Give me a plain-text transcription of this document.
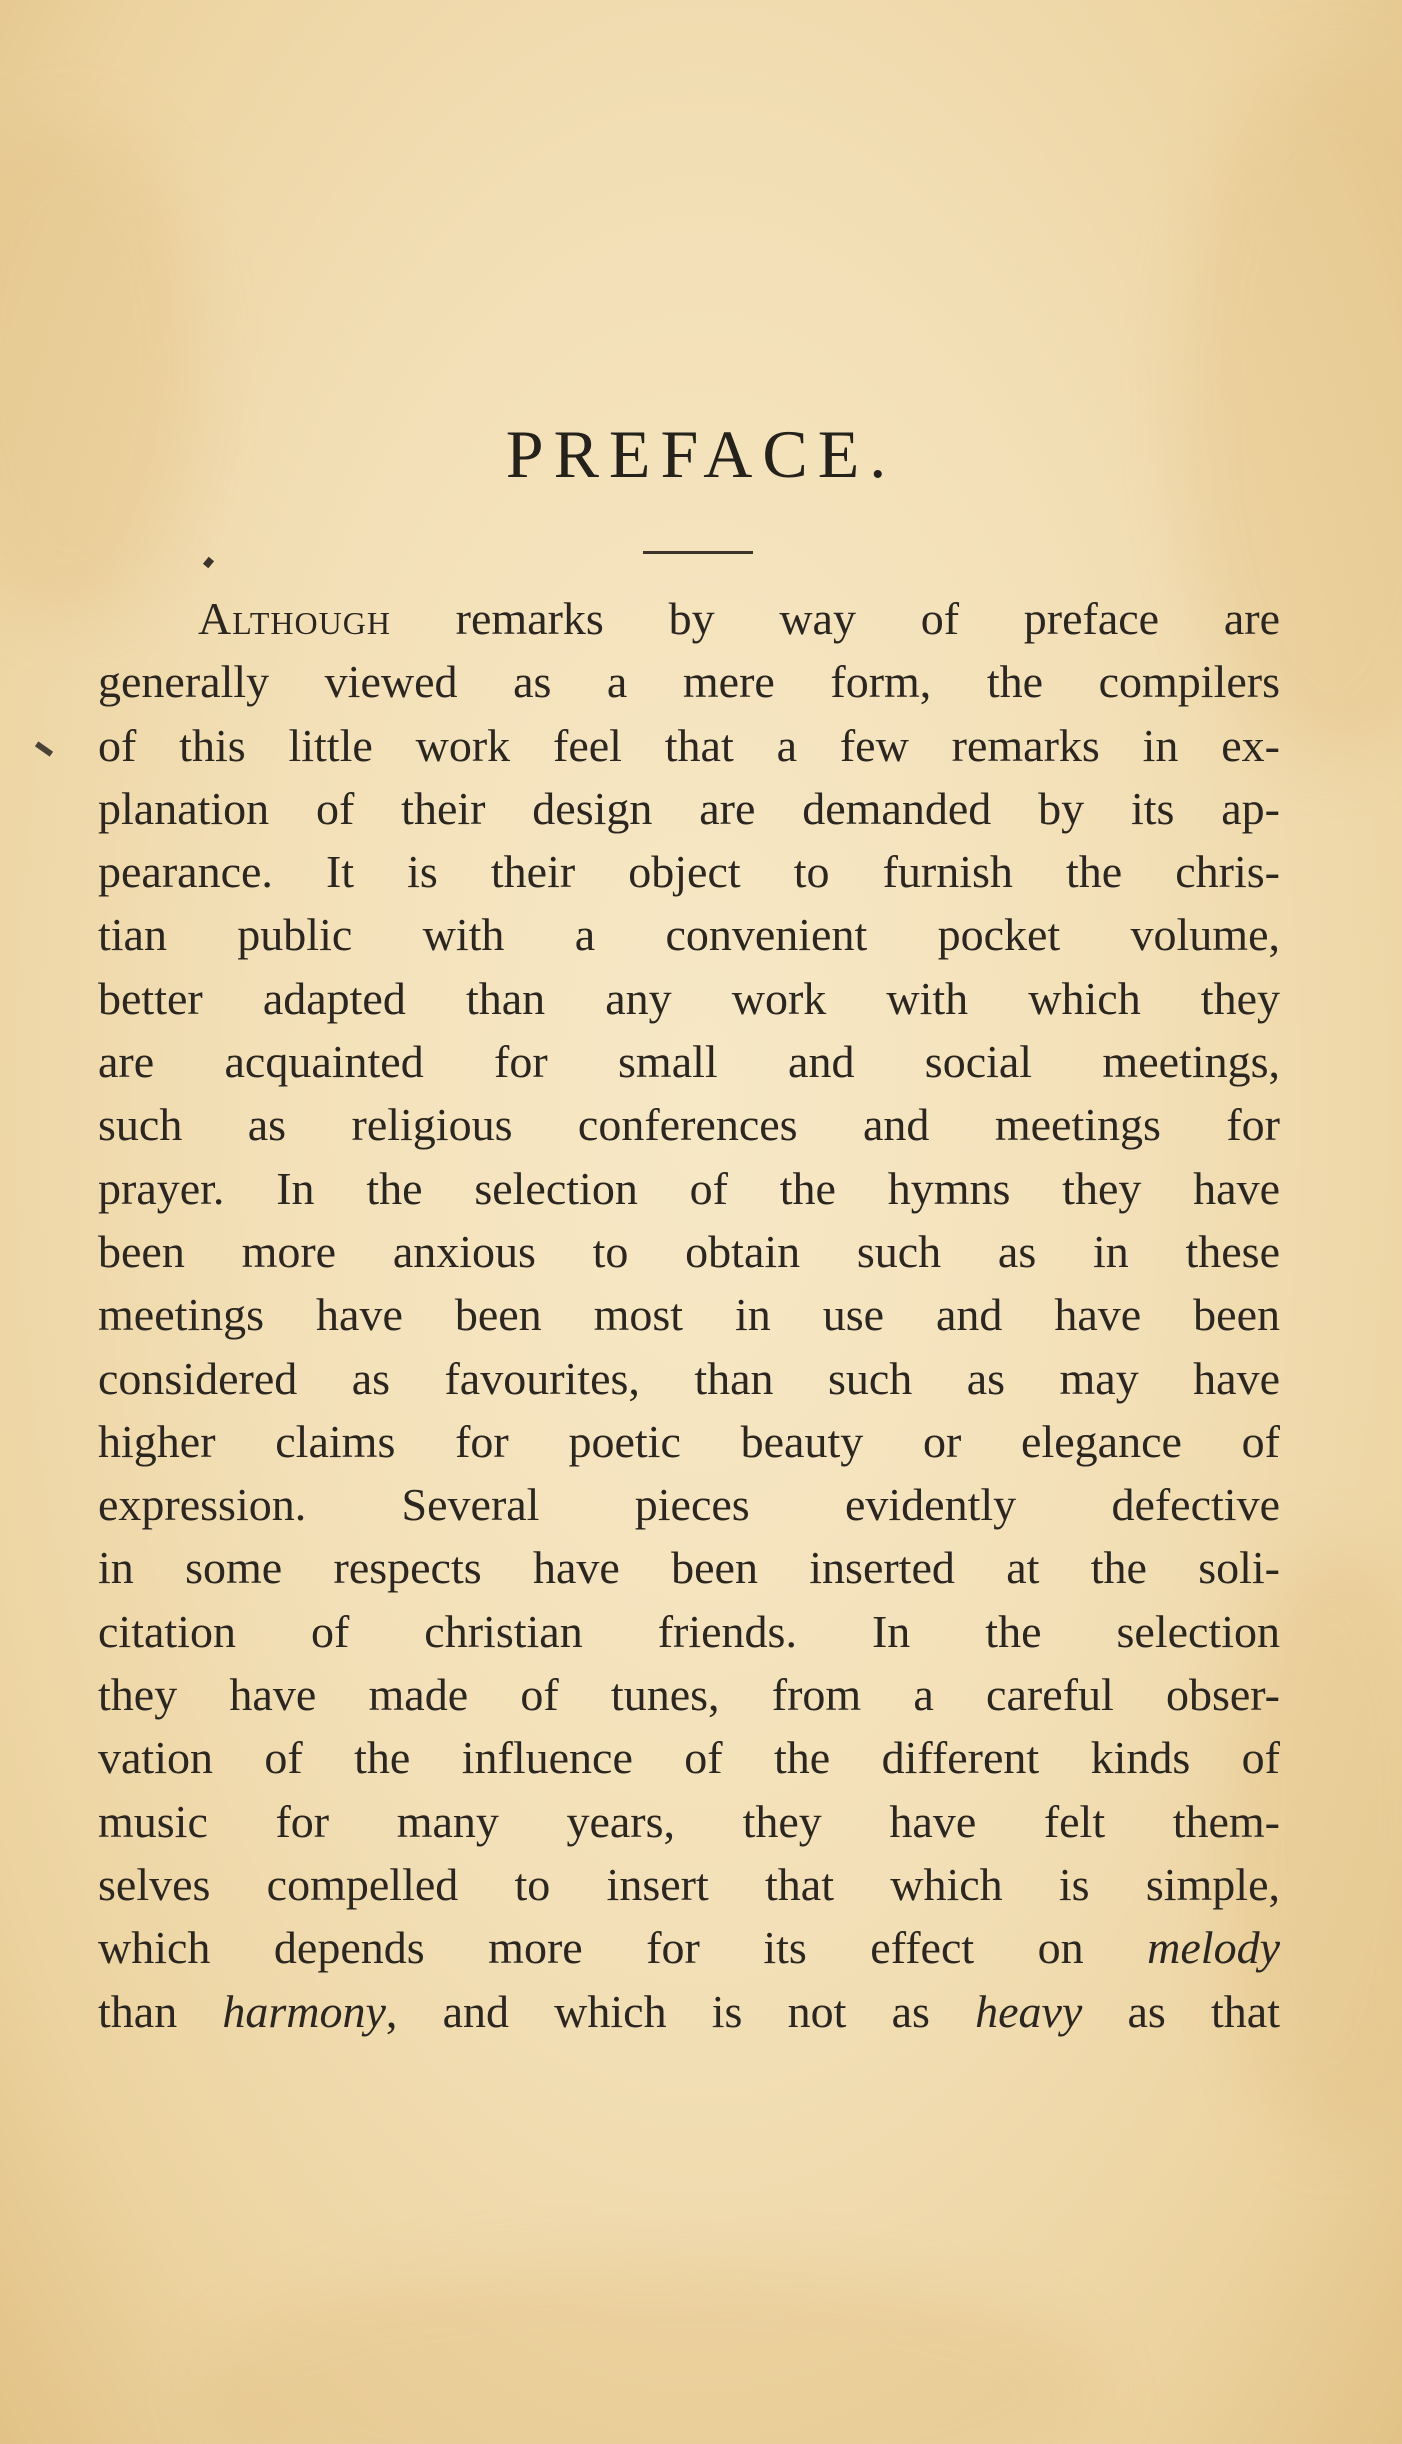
PREFACE.
Although remarks by way of preface are
generally viewed as a mere form, the compilers
of this little work feel that a few remarks in ex-
planation of their design are demanded by its ap-
pearance. It is their object to furnish the chris-
tian public with a convenient pocket volume,
better adapted than any work with which they
are acquainted for small and social meetings,
such as religious conferences and meetings for
prayer. In the selection of the hymns they have
been more anxious to obtain such as in these
meetings have been most in use and have been
considered as favourites, than such as may have
higher claims for poetic beauty or elegance of
expression. Several pieces evidently defective
in some respects have been inserted at the soli-
citation of christian friends. In the selection
they have made of tunes, from a careful obser-
vation of the influence of the different kinds of
music for many years, they have felt them-
selves compelled to insert that which is simple,
which depends more for its effect on melody
than harmony, and which is not as heavy as that
